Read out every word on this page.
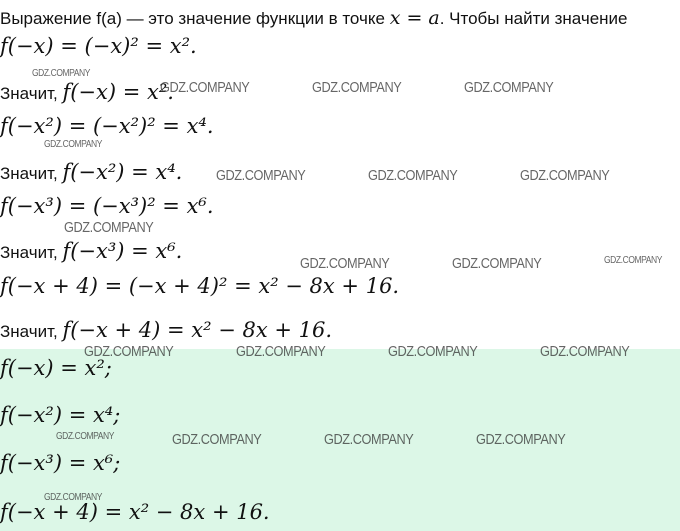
Выражение f(a) — это значение функции в точке x = a. Чтобы найти значение
f(−x) = (−x)² = x².
Значит, f(−x) = x².
f(−x²) = (−x²)² = x⁴.
Значит, f(−x²) = x⁴.
f(−x³) = (−x³)² = x⁶.
Значит, f(−x³) = x⁶.
f(−x + 4) = (−x + 4)² = x² − 8x + 16.
Значит, f(−x + 4) = x² − 8x + 16.
f(−x) = x²;
f(−x²) = x⁴;
f(−x³) = x⁶;
f(−x + 4) = x² − 8x + 16.
GDZ.COMPANY
GDZ.COMPANY	GDZ.COMPANY	GDZ.COMPANY
GDZ.COMPANY
GDZ.COMPANY	GDZ.COMPANY	GDZ.COMPANY
GDZ.COMPANY
GDZ.COMPANY	GDZ.COMPANY	GDZ.COMPANY
GDZ.COMPANY	GDZ.COMPANY	GDZ.COMPANY	GDZ.COMPANY
GDZ.COMPANY	GDZ.COMPANY	GDZ.COMPANY	GDZ.COMPANY
GDZ.COMPANY
